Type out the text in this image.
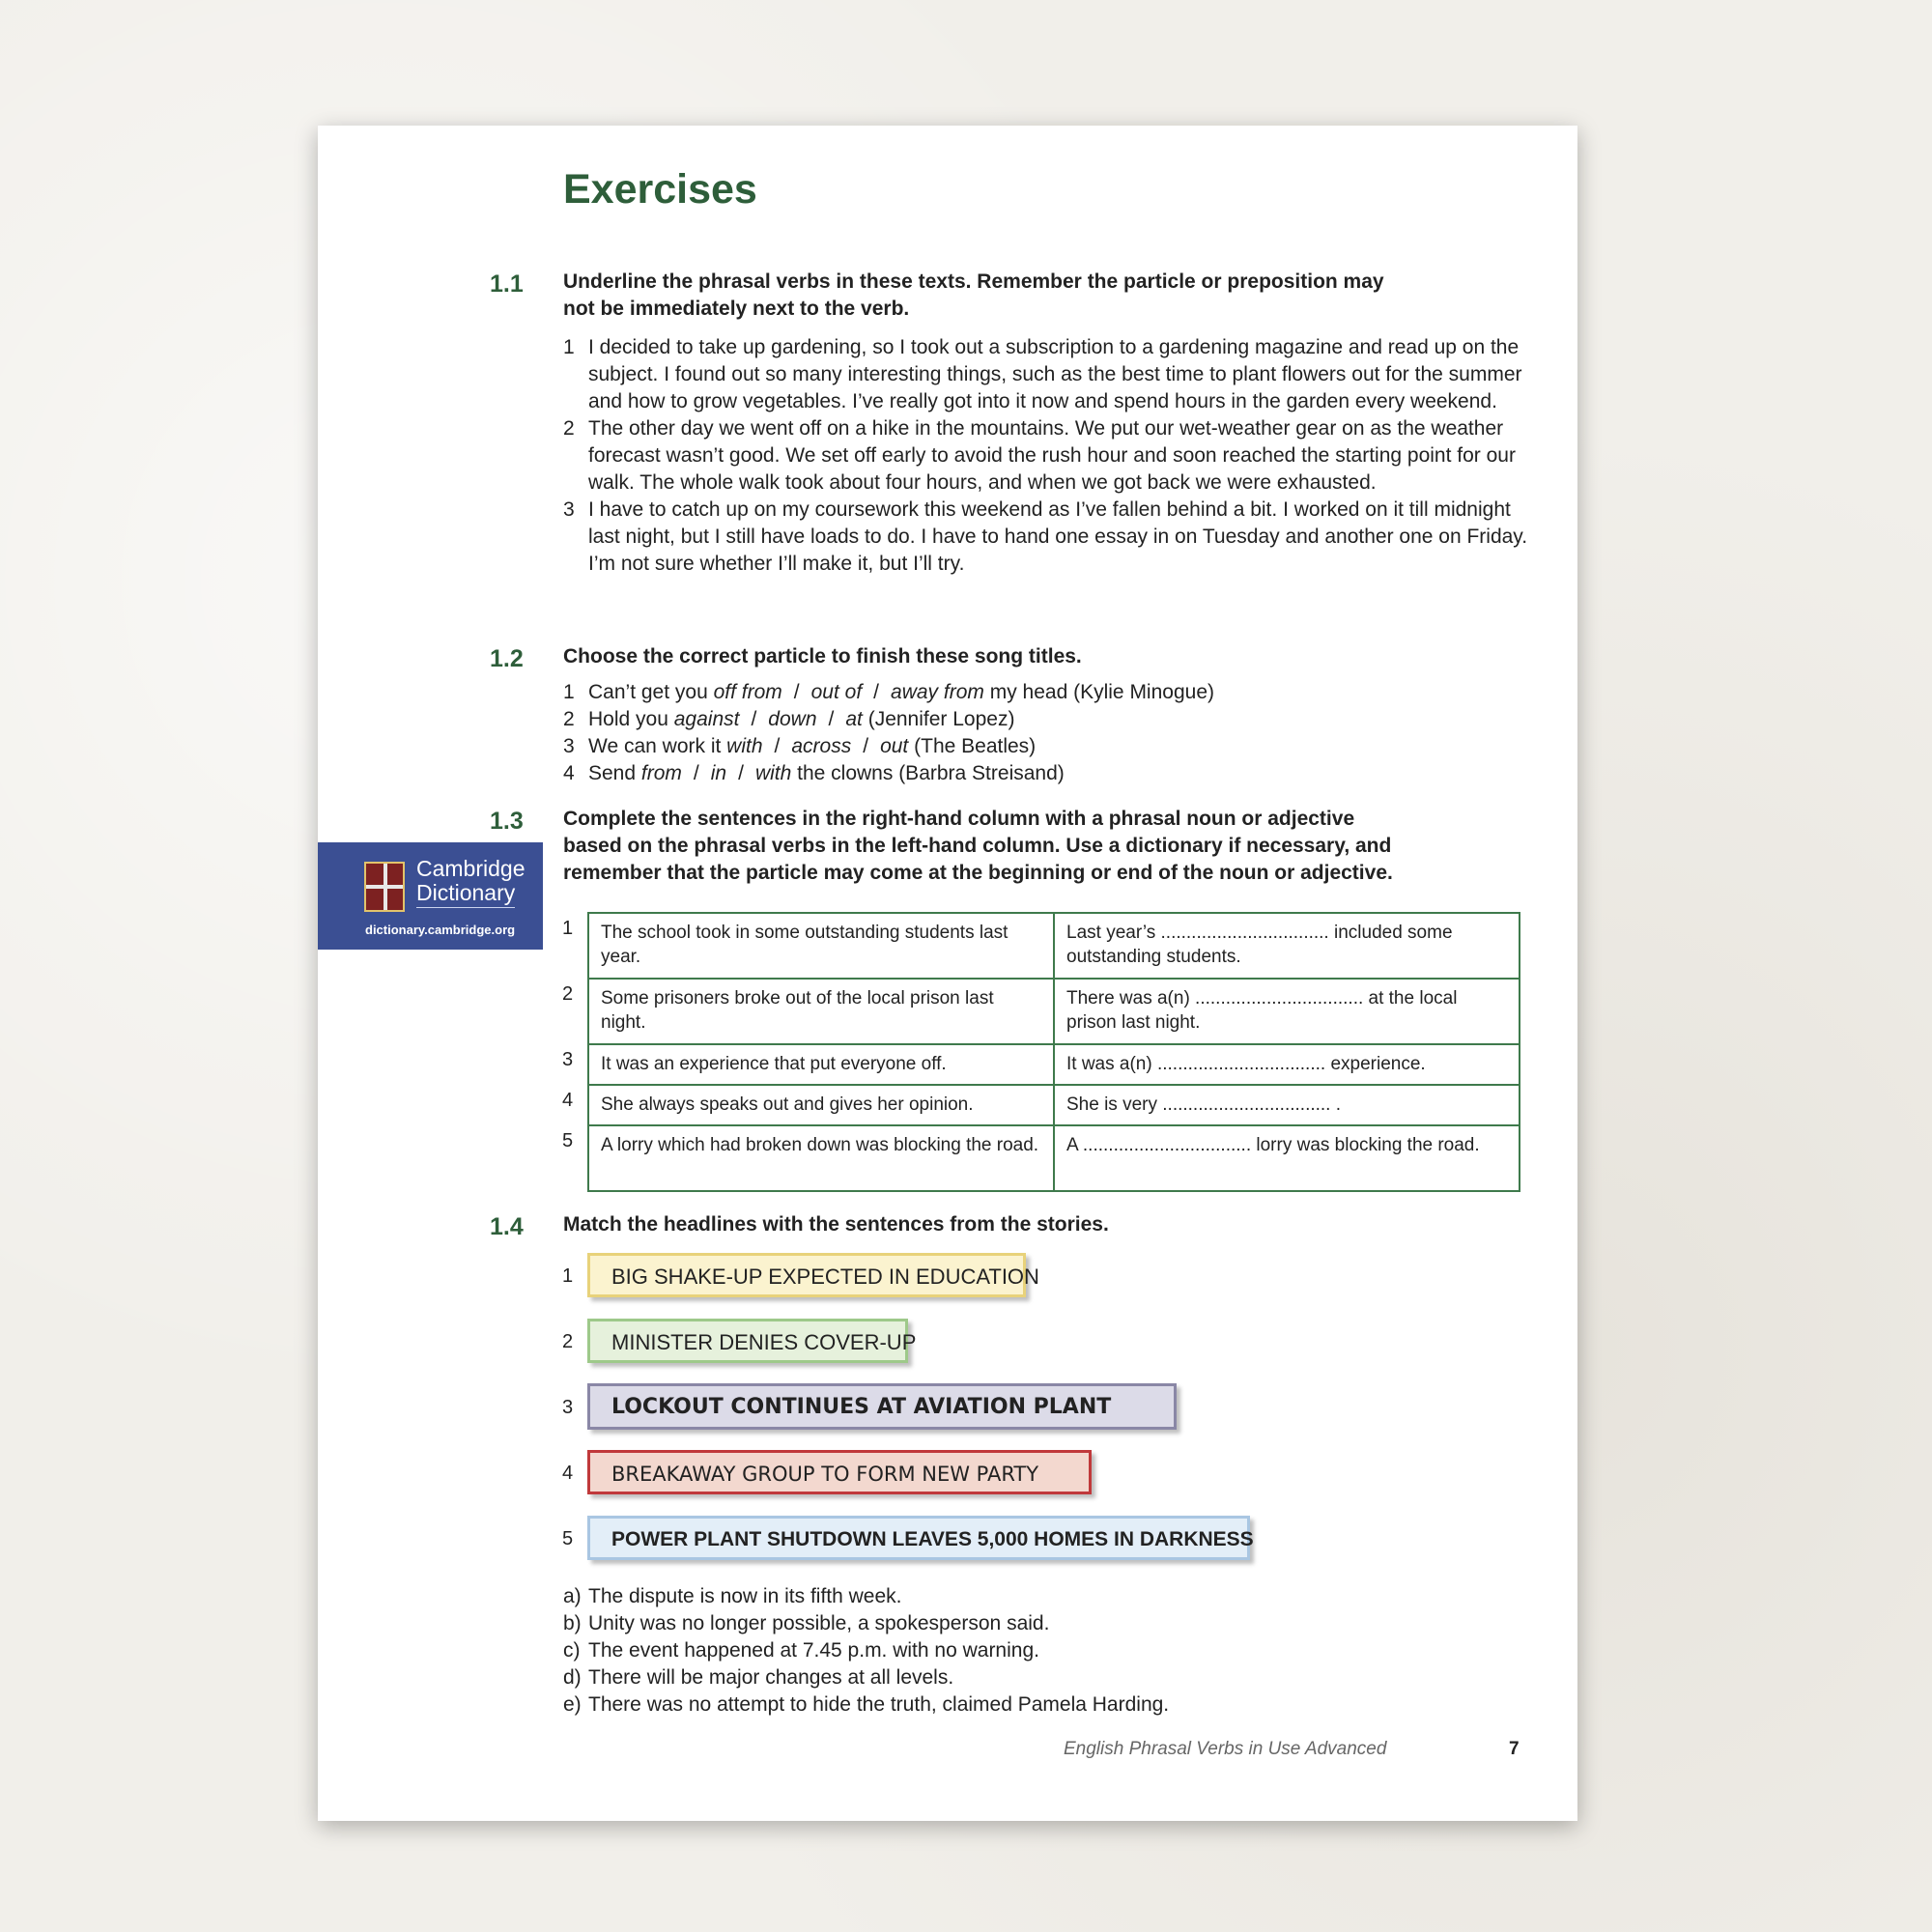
Exercises
1.1 Underline the phrasal verbs in these texts. Remember the particle or preposition may
not be immediately next to the verb.
1 I decided to take up gardening, so I took out a subscription to a gardening magazine and read up on the subject. I found out so many interesting things, such as the best time to plant flowers out for the summer and how to grow vegetables. I’ve really got into it now and spend hours in the garden every weekend.
2 The other day we went off on a hike in the mountains. We put our wet-weather gear on as the weather forecast wasn’t good. We set off early to avoid the rush hour and soon reached the starting point for our walk. The whole walk took about four hours, and when we got back we were exhausted.
3 I have to catch up on my coursework this weekend as I’ve fallen behind a bit. I worked on it till midnight last night, but I still have loads to do. I have to hand one essay in on Tuesday and another one on Friday. I’m not sure whether I’ll make it, but I’ll try.
1.2 Choose the correct particle to finish these song titles.
1 Can’t get you off from / out of / away from my head (Kylie Minogue)
2 Hold you against / down / at (Jennifer Lopez)
3 We can work it with / across / out (The Beatles)
4 Send from / in / with the clowns (Barbra Streisand)
1.3 Complete the sentences in the right-hand column with a phrasal noun or adjective
based on the phrasal verbs in the left-hand column. Use a dictionary if necessary, and
remember that the particle may come at the beginning or end of the noun or adjective.
Cambridge
Dictionary
dictionary.cambridge.org 1
2
3
4
5
The school took in some outstanding students last year.	Last year’s ................................. included some outstanding students.
Some prisoners broke out of the local prison last night.	There was a(n) ................................. at the local prison last night.
It was an experience that put everyone off.	It was a(n) ................................. experience.
She always speaks out and gives her opinion.	She is very ................................. .
A lorry which had broken down was blocking the road.	A ................................. lorry was blocking the road.
1.4 Match the headlines with the sentences from the stories.
1	BIG SHAKE-UP EXPECTED IN EDUCATION
2	MINISTER DENIES COVER-UP
3	LOCKOUT CONTINUES AT AVIATION PLANT
4	BREAKAWAY GROUP TO FORM NEW PARTY
5	POWER PLANT SHUTDOWN LEAVES 5,000 HOMES IN DARKNESS
a) The dispute is now in its fifth week.
b) Unity was no longer possible, a spokesperson said.
c) The event happened at 7.45 p.m. with no warning.
d) There will be major changes at all levels.
e) There was no attempt to hide the truth, claimed Pamela Harding.
English Phrasal Verbs in Use Advanced	7
